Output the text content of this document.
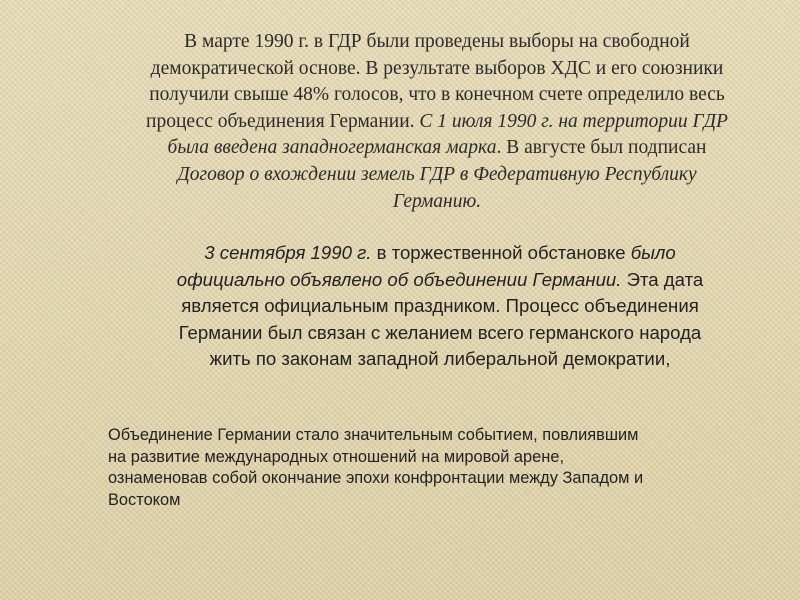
В марте 1990 г. в ГДР были проведены выборы на свободной
демократической основе. В результате выборов ХДС и его союзники
получили свыше 48% голосов, что в конечном счете определило весь
процесс объединения Германии. С 1 июля 1990 г. на территории ГДР
была введена западногерманская марка. В августе был подписан
Договор о вхождении земель ГДР в Федеративную Республику
Германию.
3 сентября 1990 г. в торжественной обстановке было
официально объявлено об объединении Германии. Эта дата
является официальным праздником. Процесс объединения
Германии был связан с желанием всего германского народа
жить по законам западной либеральной демократии,
Объединение Германии стало значительным событием, повлиявшим
на развитие международных отношений на мировой арене,
ознаменовав собой окончание эпохи конфронтации между Западом и
Востоком
